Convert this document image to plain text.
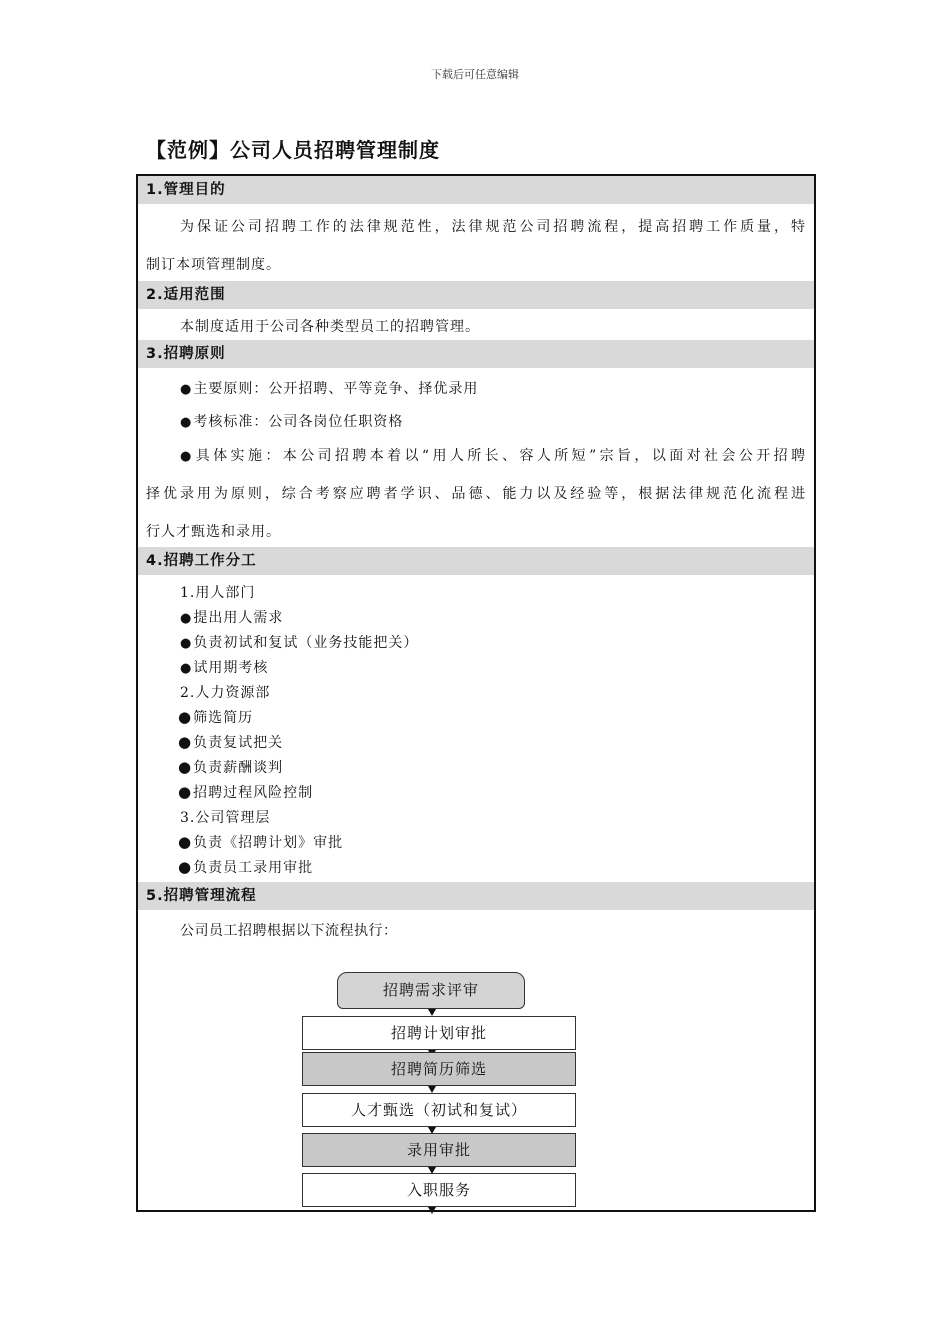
下载后可任意编辑
【范例】公司人员招聘管理制度
1.管理目的
为保证公司招聘工作的法律规范性，法律规范公司招聘流程，提高招聘工作质量，特
制订本项管理制度。
2.适用范围
本制度适用于公司各种类型员工的招聘管理。
3.招聘原则
● 主要原则：公开招聘、平等竞争、择优录用
● 考核标准：公司各岗位任职资格
● 具体实施：本公司招聘本着以“用人所长、容人所短”宗旨，以面对社会公开招聘
择优录用为原则，综合考察应聘者学识、品德、能力以及经验等，根据法律规范化流程进
行人才甄选和录用。
4.招聘工作分工
1.用人部门
● 提出用人需求
● 负责初试和复试（业务技能把关）
● 试用期考核
2.人力资源部
● 筛选简历
● 负责复试把关
● 负责薪酬谈判
● 招聘过程风险控制
3.公司管理层
● 负责《招聘计划》审批
● 负责员工录用审批
5.招聘管理流程
公司员工招聘根据以下流程执行：
招聘需求评审
招聘计划审批
招聘简历筛选
人才甄选（初试和复试）
录用审批
入职服务
